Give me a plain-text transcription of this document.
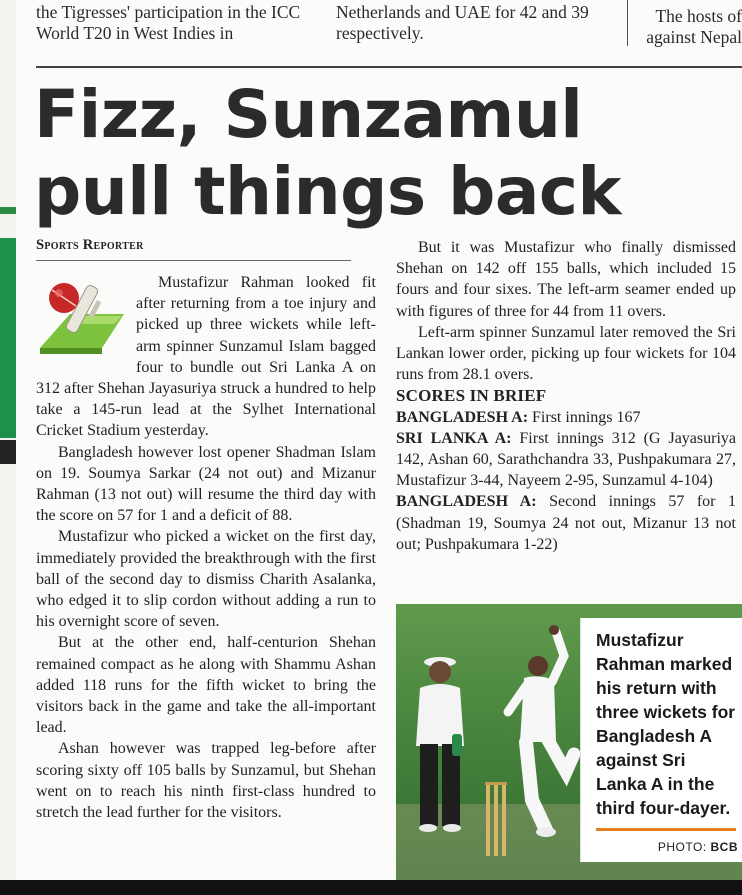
the Tigresses' participation in the ICC World T20 in West Indies in
Netherlands and UAE for 42 and 39 respectively.
The hosts of against Nepal
Fizz, Sunzamul
pull things back
Sports Reporter

Mustafizur Rahman looked fit after returning from a toe injury and picked up three wickets while left-arm spinner Sunzamul Islam bagged four to bundle out Sri Lanka A on 312 after Shehan Jayasuriya struck a hundred to help take a 145-run lead at the Sylhet International Cricket Stadium yesterday.

Bangladesh however lost opener Shadman Islam on 19. Soumya Sarkar (24 not out) and Mizanur Rahman (13 not out) will resume the third day with the score on 57 for 1 and a deficit of 88.

Mustafizur who picked a wicket on the first day, immediately provided the breakthrough with the first ball of the second day to dismiss Charith Asalanka, who edged it to slip cordon without adding a run to his overnight score of seven.

But at the other end, half-centurion Shehan remained compact as he along with Shammu Ashan added 118 runs for the fifth wicket to bring the visitors back in the game and take the all-important lead.

Ashan however was trapped leg-before after scoring sixty off 105 balls by Sunzamul, but Shehan went on to reach his ninth first-class hundred to stretch the lead further for the visitors.

But it was Mustafizur who finally dismissed Shehan on 142 off 155 balls, which included 15 fours and four sixes. The left-arm seamer ended up with figures of three for 44 from 11 overs.

Left-arm spinner Sunzamul later removed the Sri Lankan lower order, picking up four wickets for 104 runs from 28.1 overs.

SCORES IN BRIEF

BANGLADESH A: First innings 167

SRI LANKA A: First innings 312 (G Jayasuriya 142, Ashan 60, Sarathchandra 33, Pushpakumara 27, Mustafizur 3-44, Nayeem 2-95, Sunzamul 4-104)

BANGLADESH A: Second innings 57 for 1 (Shadman 19, Soumya 24 not out, Mizanur 13 not out; Pushpakumara 1-22)

Mustafizur Rahman marked his return with three wickets for Bangladesh A against Sri Lanka A in the third four-dayer.
PHOTO: BCB
